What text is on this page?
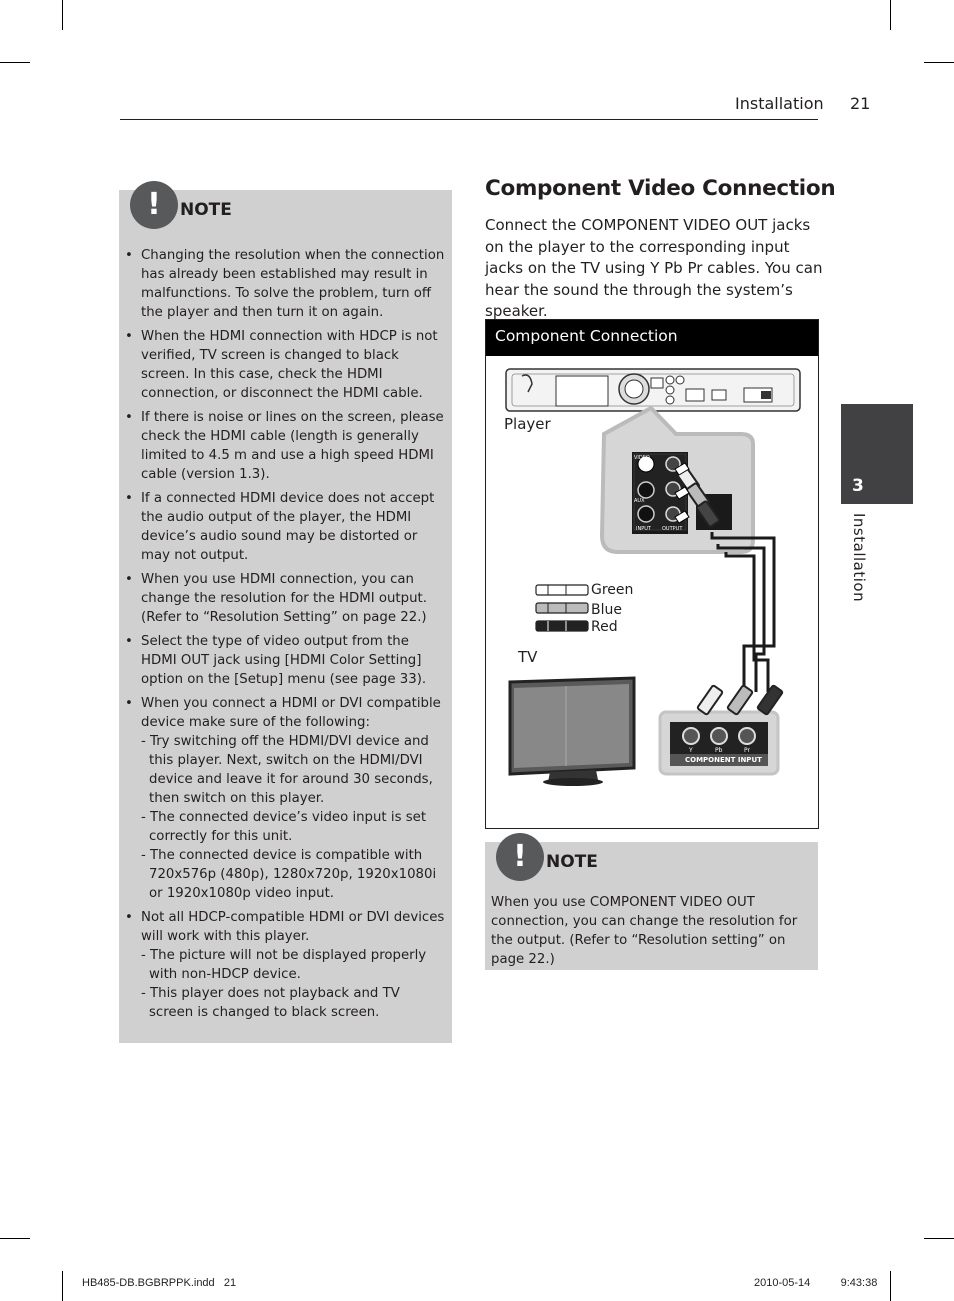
Installation 21
!	NOTE
• Changing the resolution when the connection has already been established may result in malfunctions. To solve the problem, turn off the player and then turn it on again.
• When the HDMI connection with HDCP is not verified, TV screen is changed to black screen. In this case, check the HDMI connection, or disconnect the HDMI cable.
• If there is noise or lines on the screen, please check the HDMI cable (length is generally limited to 4.5 m and use a high speed HDMI cable (version 1.3).
• If a connected HDMI device does not accept the audio output of the player, the HDMI device’s audio sound may be distorted or may not output.
• When you use HDMI connection, you can change the resolution for the HDMI output. (Refer to “Resolution Setting” on page 22.)
• Select the type of video output from the HDMI OUT jack using [HDMI Color Setting] option on the [Setup] menu (see page 33).
• When you connect a HDMI or DVI compatible device make sure of the following:
- Try switching off the HDMI/DVI device and this player. Next, switch on the HDMI/DVI device and leave it for around 30 seconds, then switch on this player.
- The connected device’s video input is set correctly for this unit.
- The connected device is compatible with 720x576p (480p), 1280x720p, 1920x1080i or 1920x1080p video input.
• Not all HDCP-compatible HDMI or DVI devices will work with this player.
- The picture will not be displayed properly with non-HDCP device.
- This player does not playback and TV screen is changed to black screen.
Component Video Connection
Connect the COMPONENT VIDEO OUT jacks on the player to the corresponding input jacks on the TV using Y Pb Pr cables. You can hear the sound the through the system’s speaker.
Component Connection
VIDEO
AUX
INPUT OUTPUT
Y	Pb	Pr
COMPONENT INPUT
Player
TV
Green
Blue
Red
!	NOTE
When you use COMPONENT VIDEO OUT connection, you can change the resolution for the output. (Refer to “Resolution setting” on page 22.)
3
Installation
HB485-DB.BGBRPPK.indd   21	2010-05-14      9:43:38
